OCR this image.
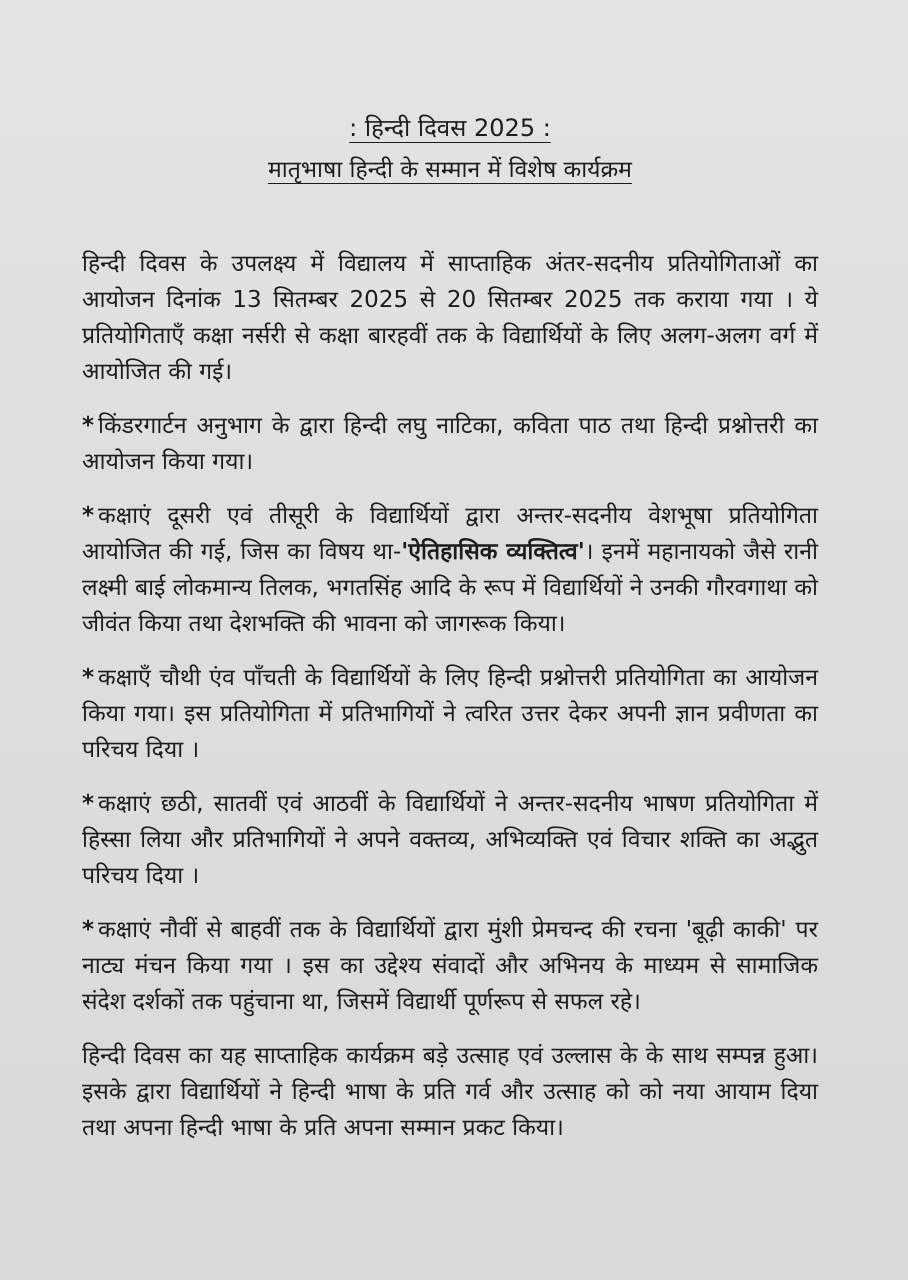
: हिन्दी दिवस 2025 :
मातृभाषा हिन्दी के सम्मान में विशेष कार्यक्रम

हिन्दी दिवस के उपलक्ष्य में विद्यालय में साप्ताहिक अंतर-सदनीय प्रतियोगिताओं का आयोजन दिनांक 13 सितम्बर 2025 से 20 सितम्बर 2025 तक कराया गया । ये प्रतियोगिताएँ कक्षा नर्सरी से कक्षा बारहवीं तक के विद्यार्थियों के लिए अलग-अलग वर्ग में आयोजित की गई।

* किंडरगार्टन अनुभाग के द्वारा हिन्दी लघु नाटिका, कविता पाठ तथा हिन्दी प्रश्नोत्तरी का आयोजन किया गया।

* कक्षाएं दूसरी एवं तीसूरी के विद्यार्थियों द्वारा अन्तर-सदनीय वेशभूषा प्रतियोगिता आयोजित की गई, जिस का विषय था-'ऐतिहासिक व्यक्तित्व'। इनमें महानायको जैसे रानी लक्ष्मी बाई लोकमान्य तिलक, भगतसिंह आदि के रूप में विद्यार्थियों ने उनकी गौरवगाथा को जीवंत किया तथा देशभक्ति की भावना को जागरूक किया।

* कक्षाएँ चौथी एंव पाँचती के विद्यार्थियों के लिए हिन्दी प्रश्नोत्तरी प्रतियोगिता का आयोजन किया गया। इस प्रतियोगिता में प्रतिभागियों ने त्वरित उत्तर देकर अपनी ज्ञान प्रवीणता का परिचय दिया ।

* कक्षाएं छठी, सातवीं एवं आठवीं के विद्यार्थियों ने अन्तर-सदनीय भाषण प्रतियोगिता में हिस्सा लिया और प्रतिभागियों ने अपने वक्तव्य, अभिव्यक्ति एवं विचार शक्ति का अद्भुत परिचय दिया ।

* कक्षाएं नौवीं से बाहवीं तक के विद्यार्थियों द्वारा मुंशी प्रेमचन्द की रचना 'बूढ़ी काकी' पर नाट्य मंचन किया गया । इस का उद्देश्य संवादों और अभिनय के माध्यम से सामाजिक संदेश दर्शकों तक पहुंचाना था, जिसमें विद्यार्थी पूर्णरूप से सफल रहे।

हिन्दी दिवस का यह साप्ताहिक कार्यक्रम बड़े उत्साह एवं उल्लास के के साथ सम्पन्न हुआ। इसके द्वारा विद्यार्थियों ने हिन्दी भाषा के प्रति गर्व और उत्साह को को नया आयाम दिया तथा अपना हिन्दी भाषा के प्रति अपना सम्मान प्रकट किया।
